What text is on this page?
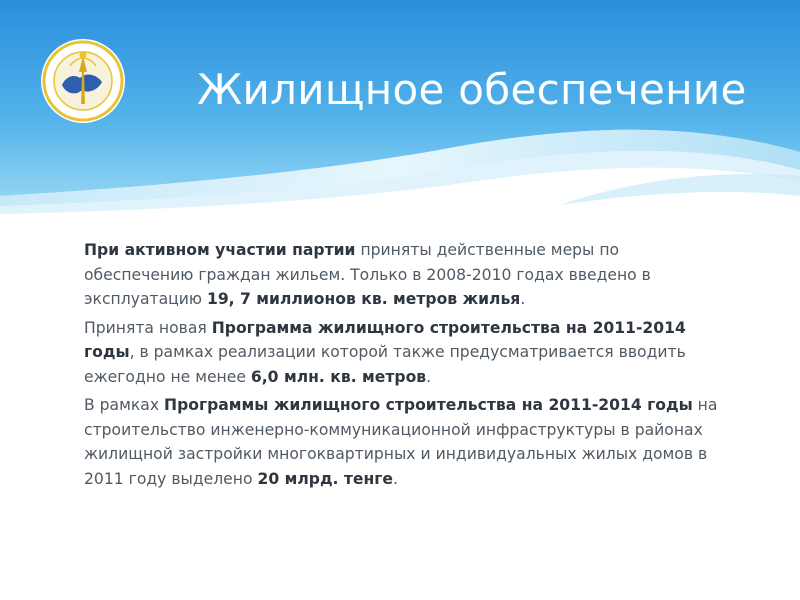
Жилищное обеспечение

При активном участии партии приняты действенные меры по обеспечению граждан жильем. Только в 2008-2010 годах введено в эксплуатацию 19, 7 миллионов кв. метров жилья.

Принята новая Программа жилищного строительства на 2011-2014 годы, в рамках реализации которой также предусматривается вводить ежегодно не менее 6,0 млн. кв. метров.

В рамках Программы жилищного строительства на 2011-2014 годы на строительство инженерно-коммуникационной инфраструктуры в районах жилищной застройки многоквартирных и индивидуальных жилых домов в 2011 году выделено 20 млрд. тенге.
